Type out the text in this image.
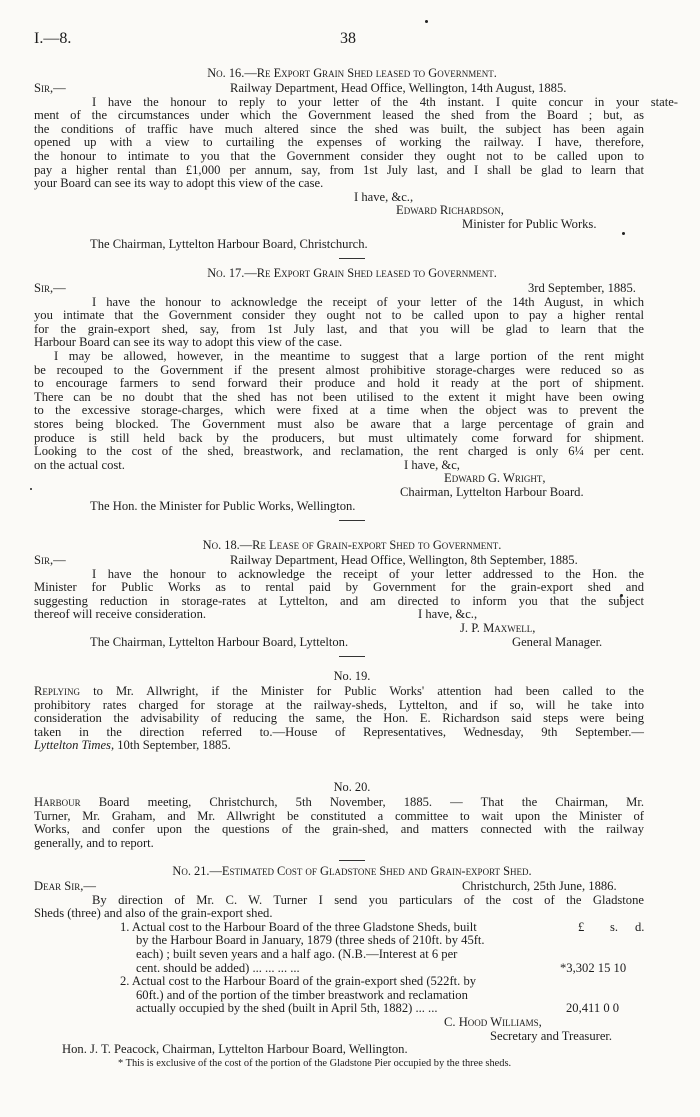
I.—8.	38
No. 16.—Re Export Grain Shed leased to Government.
Sir,—	Railway Department, Head Office, Wellington, 14th August, 1885.
I have the honour to reply to your letter of the 4th instant. I quite concur in your state-
ment of the circumstances under which the Government leased the shed from the Board ; but, as
the conditions of traffic have much altered since the shed was built, the subject has been again
opened up with a view to curtailing the expenses of working the railway. I have, therefore,
the honour to intimate to you that the Government consider they ought not to be called upon to
pay a higher rental than £1,000 per annum, say, from 1st July last, and I shall be glad to learn that
your Board can see its way to adopt this view of the case.
I have, &c.,
Edward Richardson,
Minister for Public Works.
The Chairman, Lyttelton Harbour Board, Christchurch.
No. 17.—Re Export Grain Shed leased to Government.
Sir,—	3rd September, 1885.
I have the honour to acknowledge the receipt of your letter of the 14th August, in which
you intimate that the Government consider they ought not to be called upon to pay a higher rental
for the grain-export shed, say, from 1st July last, and that you will be glad to learn that the
Harbour Board can see its way to adopt this view of the case.
I may be allowed, however, in the meantime to suggest that a large portion of the rent might
be recouped to the Government if the present almost prohibitive storage-charges were reduced so as
to encourage farmers to send forward their produce and hold it ready at the port of shipment.
There can be no doubt that the shed has not been utilised to the extent it might have been owing
to the excessive storage-charges, which were fixed at a time when the object was to prevent the
stores being blocked. The Government must also be aware that a large percentage of grain and
produce is still held back by the producers, but must ultimately come forward for shipment.
Looking to the cost of the shed, breastwork, and reclamation, the rent charged is only 6¼ per cent.
on the actual cost.	I have, &c,
Edward G. Wright,
Chairman, Lyttelton Harbour Board.
The Hon. the Minister for Public Works, Wellington.
No. 18.—Re Lease of Grain-export Shed to Government.
Sir,—	Railway Department, Head Office, Wellington, 8th September, 1885.
I have the honour to acknowledge the receipt of your letter addressed to the Hon. the
Minister for Public Works as to rental paid by Government for the grain-export shed and
suggesting reduction in storage-rates at Lyttelton, and am directed to inform you that the subject
thereof will receive consideration.	I have, &c.,
J. P. Maxwell,
The Chairman, Lyttelton Harbour Board, Lyttelton.	General Manager.
No. 19.
Replying to Mr. Allwright, if the Minister for Public Works' attention had been called to the
prohibitory rates charged for storage at the railway-sheds, Lyttelton, and if so, will he take into
consideration the advisability of reducing the same, the Hon. E. Richardson said steps were being
taken in the direction referred to.—House of Representatives, Wednesday, 9th September.—
Lyttelton Times, 10th September, 1885.
No. 20.
Harbour Board meeting, Christchurch, 5th November, 1885. — That the Chairman, Mr.
Turner, Mr. Graham, and Mr. Allwright be constituted a committee to wait upon the Minister of
Works, and confer upon the questions of the grain-shed, and matters connected with the railway
generally, and to report.
No. 21.—Estimated Cost of Gladstone Shed and Grain-export Shed.
Dear Sir,—	Christchurch, 25th June, 1886.
By direction of Mr. C. W. Turner I send you particulars of the cost of the Gladstone
Sheds (three) and also of the grain-export shed.
1. Actual cost to the Harbour Board of the three Gladstone Sheds, built	£ s. d.
by the Harbour Board in January, 1879 (three sheds of 210ft. by 45ft.
each) ; built seven years and a half ago. (N.B.—Interest at 6 per
cent. should be added) ... ... ... ...	*3,302 15 10
2. Actual cost to the Harbour Board of the grain-export shed (522ft. by
60ft.) and of the portion of the timber breastwork and reclamation
actually occupied by the shed (built in April 5th, 1882) ... ...	20,411 0 0
C. Hood Williams,
Secretary and Treasurer.
Hon. J. T. Peacock, Chairman, Lyttelton Harbour Board, Wellington.
* This is exclusive of the cost of the portion of the Gladstone Pier occupied by the three sheds.
